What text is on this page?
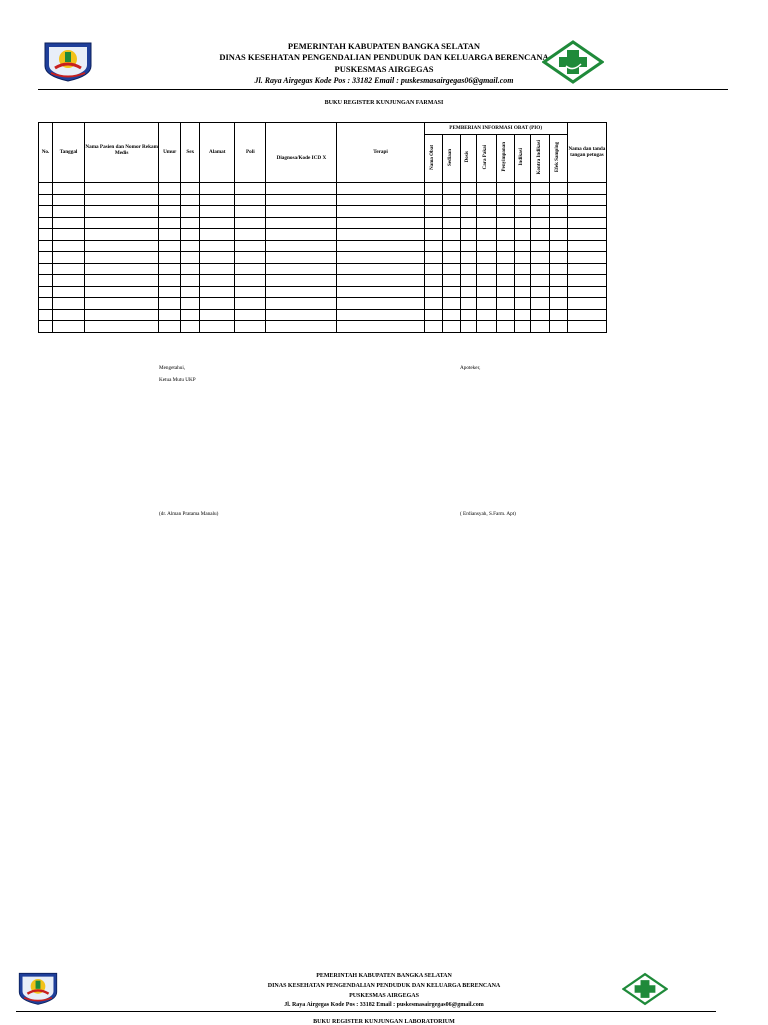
PEMERINTAH KABUPATEN BANGKA SELATAN
DINAS KESEHATAN PENGENDALIAN PENDUDUK DAN KELUARGA BERENCANA
PUSKESMAS AIRGEGAS
Jl. Raya Airgegas Kode Pos : 33182 Email : puskesmasairgegas06@gmail.com
BUKU REGISTER KUNJUNGAN FARMASI
No.	Tanggal	Nama Pasien dan Nomor Rekam Medis	Umur	Sex	Alamat	Poli	Diagnosa/Kode ICD X	Terapi	PEMBERIAN INFORMASI OBAT (PIO)								Nama dan tanda tangan petugas
									Nama Obat	Sediaan	Dosis	Cara Pakai	Penyimpanan	Indikasi	Kontra Indikasi	Efek Samping	

Mengetahui,
Ketua Mutu UKP
(dr. Alman Pratama Manalu)
Apoteker,
( Erdiansyah, S.Farm. Apt)
PEMERINTAH KABUPATEN BANGKA SELATAN
DINAS KESEHATAN PENGENDALIAN PENDUDUK DAN KELUARGA BERENCANA
PUSKESMAS AIRGEGAS
Jl. Raya Airgegas Kode Pos : 33182 Email : puskesmasairgegas06@gmail.com
BUKU REGISTER KUNJUNGAN LABORATORIUM
